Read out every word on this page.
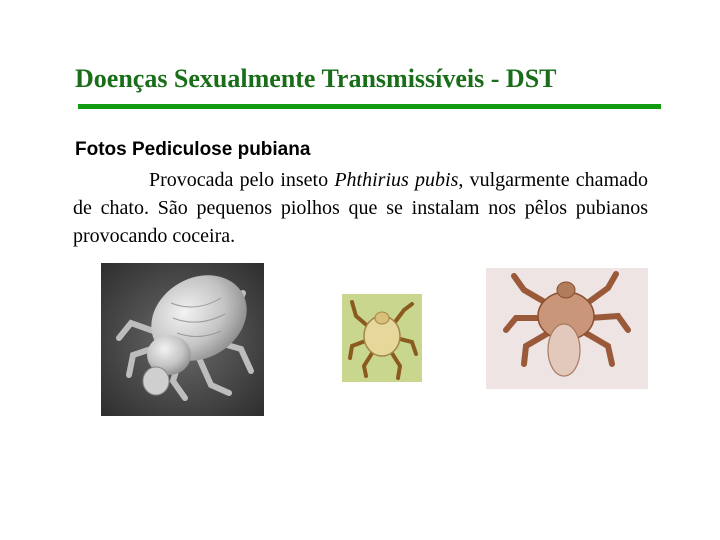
Doenças Sexualmente Transmissíveis - DST
Fotos Pediculose pubiana

Provocada pelo inseto Phthirius pubis, vulgarmente chamado de chato. São pequenos piolhos que se instalam nos pêlos pubianos provocando coceira.
